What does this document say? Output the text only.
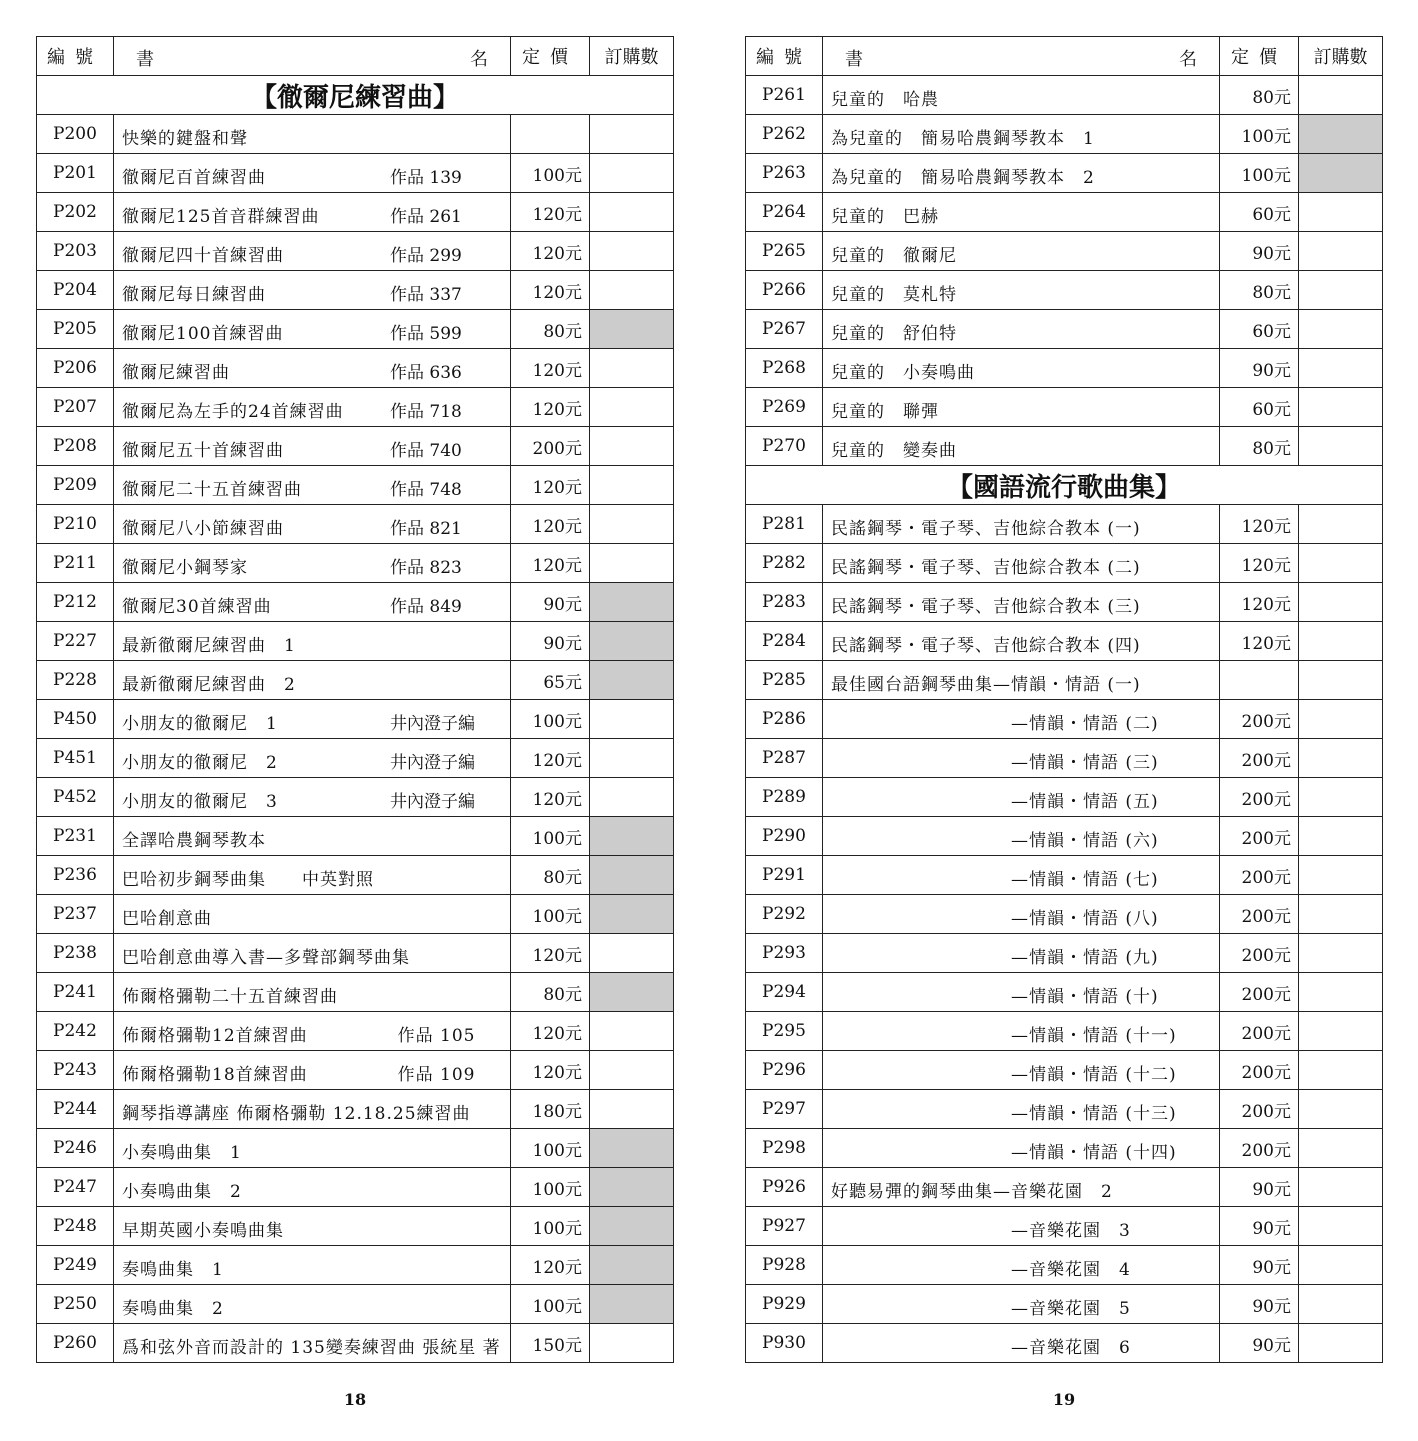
編號	書 名	定價	訂購數
【徹爾尼練習曲】			
P200	快樂的鍵盤和聲		

P201	徹爾尼百首練習曲 作品 139	100元	
P202	徹爾尼125首音群練習曲 作品 261	120元	
P203	徹爾尼四十首練習曲 作品 299	120元	
P204	徹爾尼每日練習曲 作品 337	120元	
P205	徹爾尼100首練習曲 作品 599	80元	
P206	徹爾尼練習曲 作品 636	120元	
P207	徹爾尼為左手的24首練習曲 作品 718	120元	
P208	徹爾尼五十首練習曲 作品 740	200元	
P209	徹爾尼二十五首練習曲 作品 748	120元	
P210	徹爾尼八小節練習曲 作品 821	120元	
P211	徹爾尼小鋼琴家 作品 823	120元	
P212	徹爾尼30首練習曲 作品 849	90元	
P227	最新徹爾尼練習曲　1	90元	
P228	最新徹爾尼練習曲　2	65元	
P450	小朋友的徹爾尼　1 井內澄子編	100元	
P451	小朋友的徹爾尼　2 井內澄子編	120元	
P452	小朋友的徹爾尼　3 井內澄子編	120元	
P231	全譯哈農鋼琴教本	100元	
P236	巴哈初步鋼琴曲集　　中英對照	80元	
P237	巴哈創意曲	100元	
P238	巴哈創意曲導入書—多聲部鋼琴曲集	120元	
P241	佈爾格彌勒二十五首練習曲	80元	
P242	佈爾格彌勒12首練習曲　　　　　作品 105	120元	
P243	佈爾格彌勒18首練習曲　　　　　作品 109	120元	
P244	鋼琴指導講座 佈爾格彌勒 12.18.25練習曲	180元	
P246	小奏鳴曲集　1	100元	
P247	小奏鳴曲集　2	100元	
P248	早期英國小奏鳴曲集	100元	
P249	奏鳴曲集　1	120元	
P250	奏鳴曲集　2	100元	
P260	爲和弦外音而設計的 135變奏練習曲 張統星 著	150元	
編號	書 名	定價	訂購數
P261	兒童的　哈農	80元	
P262	為兒童的　簡易哈農鋼琴教本　1	100元	
P263	為兒童的　簡易哈農鋼琴教本　2	100元	
P264	兒童的　巴赫	60元	
P265	兒童的　徹爾尼	90元	
P266	兒童的　莫札特	80元	
P267	兒童的　舒伯特	60元	
P268	兒童的　小奏鳴曲	90元	
P269	兒童的　聯彈	60元	
P270	兒童的　變奏曲	80元	
【國語流行歌曲集】			
P281	民謠鋼琴・電子琴、吉他綜合教本 (一)	120元	
P282	民謠鋼琴・電子琴、吉他綜合教本 (二)	120元	
P283	民謠鋼琴・電子琴、吉他綜合教本 (三)	120元	
P284	民謠鋼琴・電子琴、吉他綜合教本 (四)	120元	
P285	最佳國台語鋼琴曲集—情韻・情語 (一)		

P286	—情韻・情語 (二)	200元	
P287	—情韻・情語 (三)	200元	
P289	—情韻・情語 (五)	200元	
P290	—情韻・情語 (六)	200元	
P291	—情韻・情語 (七)	200元	
P292	—情韻・情語 (八)	200元	
P293	—情韻・情語 (九)	200元	
P294	—情韻・情語 (十)	200元	
P295	—情韻・情語 (十一)	200元	
P296	—情韻・情語 (十二)	200元	
P297	—情韻・情語 (十三)	200元	
P298	—情韻・情語 (十四)	200元	
P926	好聽易彈的鋼琴曲集—音樂花園　2	90元	
P927	—音樂花園　3	90元	
P928	—音樂花園　4	90元	
P929	—音樂花園　5	90元	
P930	—音樂花園　6	90元	
18	19
